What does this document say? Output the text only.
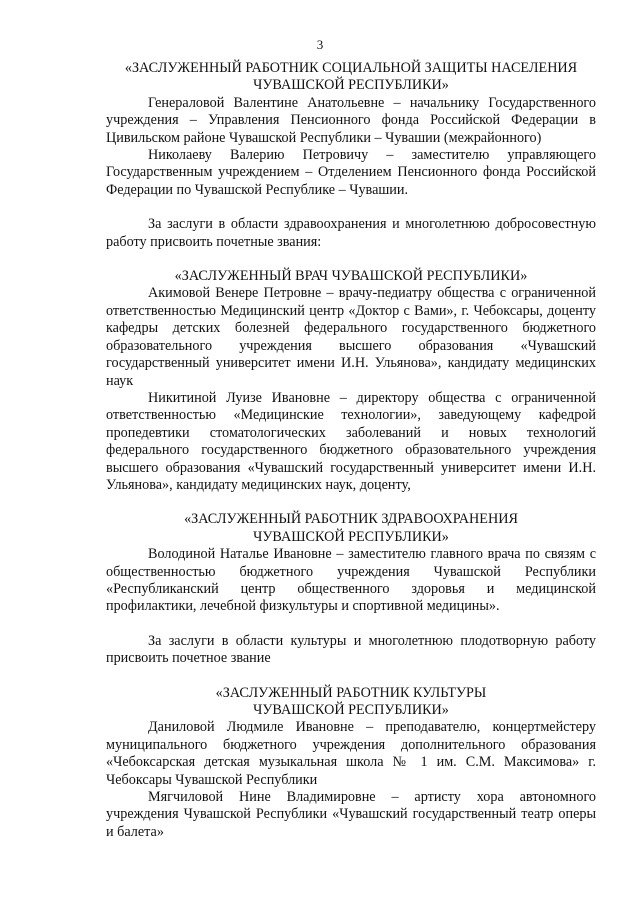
3
«ЗАСЛУЖЕННЫЙ РАБОТНИК СОЦИАЛЬНОЙ ЗАЩИТЫ НАСЕЛЕНИЯ
ЧУВАШСКОЙ РЕСПУБЛИКИ»

Генераловой Валентине Анатольевне – начальнику Государственного учреждения – Управления Пенсионного фонда Российской Федерации в Цивильском районе Чувашской Республики – Чувашии (межрайонного)

Николаеву Валерию Петровичу – заместителю управляющего Государственным учреждением – Отделением Пенсионного фонда Российской Федерации по Чувашской Республике – Чувашии.

За заслуги в области здравоохранения и многолетнюю добросовестную работу присвоить почетные звания:

«ЗАСЛУЖЕННЫЙ ВРАЧ ЧУВАШСКОЙ РЕСПУБЛИКИ»

Акимовой Венере Петровне – врачу-педиатру общества с ограниченной ответственностью Медицинский центр «Доктор с Вами», г. Чебоксары, доценту кафедры детских болезней федерального государственного бюджетного образовательного учреждения высшего образования «Чувашский государственный университет имени И.Н. Ульянова», кандидату медицинских наук

Никитиной Луизе Ивановне – директору общества с ограниченной ответственностью «Медицинские технологии», заведующему кафедрой пропедевтики стоматологических заболеваний и новых технологий федерального государственного бюджетного образовательного учреждения высшего образования «Чувашский государственный университет имени И.Н. Ульянова», кандидату медицинских наук, доценту,

«ЗАСЛУЖЕННЫЙ РАБОТНИК ЗДРАВООХРАНЕНИЯ
ЧУВАШСКОЙ РЕСПУБЛИКИ»

Володиной Наталье Ивановне – заместителю главного врача по связям с общественностью бюджетного учреждения Чувашской Республики «Республиканский центр общественного здоровья и медицинской профилактики, лечебной физкультуры и спортивной медицины».

За заслуги в области культуры и многолетнюю плодотворную работу присвоить почетное звание

«ЗАСЛУЖЕННЫЙ РАБОТНИК КУЛЬТУРЫ
ЧУВАШСКОЙ РЕСПУБЛИКИ»

Даниловой Людмиле Ивановне – преподавателю, концертмейстеру муниципального бюджетного учреждения дополнительного образования «Чебоксарская детская музыкальная школа № 1 им. С.М. Максимова» г. Чебоксары Чувашской Республики

Мягчиловой Нине Владимировне – артисту хора автономного учреждения Чувашской Республики «Чувашский государственный театр оперы и балета»
